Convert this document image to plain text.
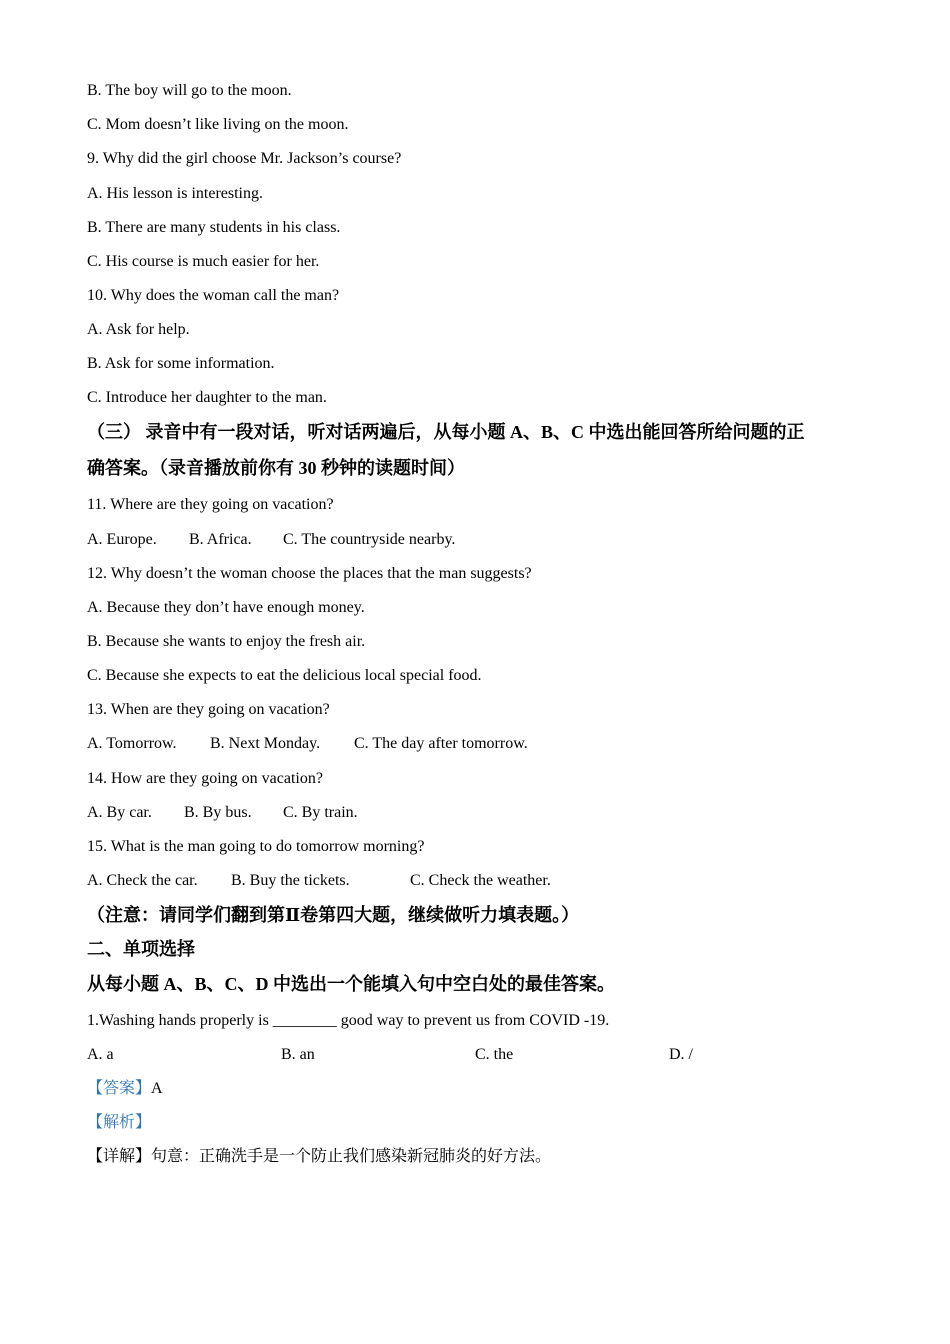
B. The boy will go to the moon.
C. Mom doesn’t like living on the moon.
9. Why did the girl choose Mr. Jackson’s course?
A. His lesson is interesting.
B. There are many students in his class.
C. His course is much easier for her.
10. Why does the woman call the man?
A. Ask for help.
B. Ask for some information.
C. Introduce her daughter to the man.
（三） 录音中有一段对话，听对话两遍后，从每小题 A、B、C 中选出能回答所给问题的正
确答案。（录音播放前你有 30 秒钟的读题时间）
11. Where are they going on vacation?
A. Europe. B. Africa. C. The countryside nearby.
12. Why doesn’t the woman choose the places that the man suggests?
A. Because they don’t have enough money.
B. Because she wants to enjoy the fresh air.
C. Because she expects to eat the delicious local special food.
13. When are they going on vacation?
A. Tomorrow. B. Next Monday. C. The day after tomorrow.
14. How are they going on vacation?
A. By car. B. By bus. C. By train.
15. What is the man going to do tomorrow morning?
A. Check the car. B. Buy the tickets.	C. Check the weather.
（注意：请同学们翻到第Ⅱ卷第四大题，继续做听力填表题。）
二、单项选择
从每小题 A、B、C、D 中选出一个能填入句中空白处的最佳答案。
1.Washing hands properly is ________ good way to prevent us from COVID -19.
A. a	B. an	C. the	D. /
【答案】A
【解析】
【详解】句意：正确洗手是一个防止我们感染新冠肺炎的好方法。
